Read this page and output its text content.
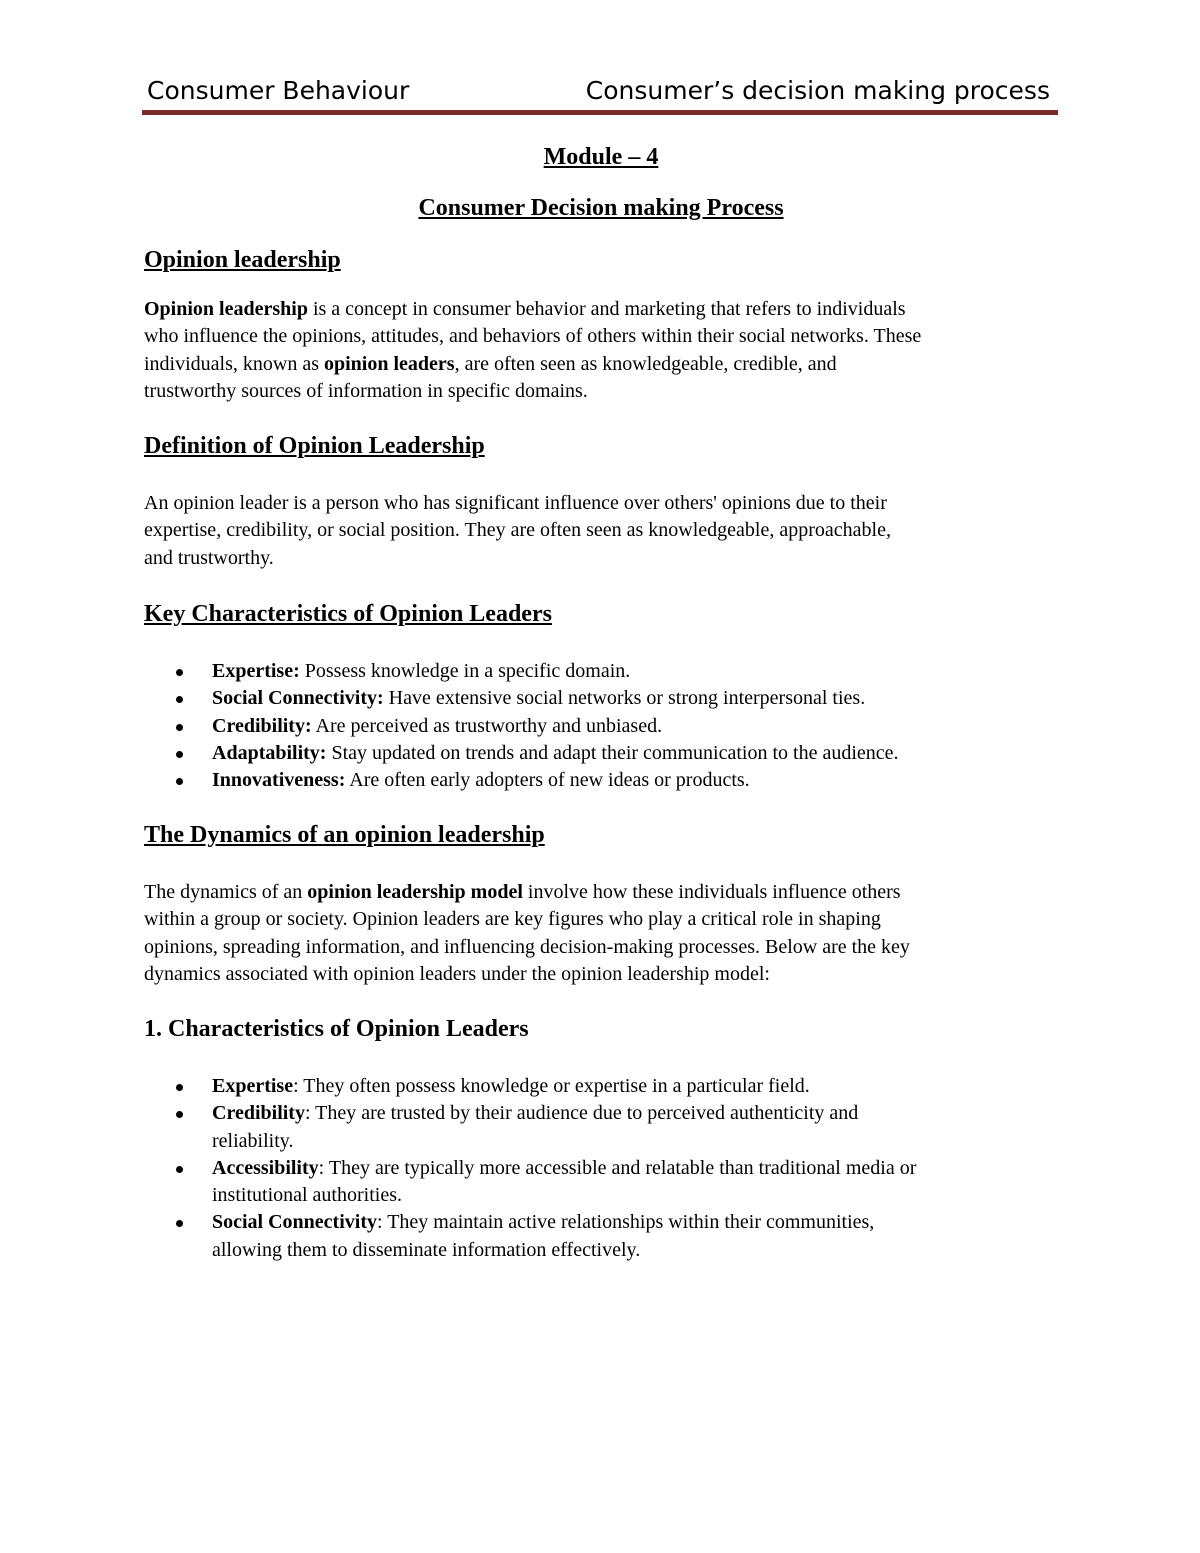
Consumer Behaviour	Consumer’s decision making process
Module – 4
Consumer Decision making Process
Opinion leadership
Opinion leadership is a concept in consumer behavior and marketing that refers to individuals
who influence the opinions, attitudes, and behaviors of others within their social networks. These
individuals, known as opinion leaders, are often seen as knowledgeable, credible, and
trustworthy sources of information in specific domains.
Definition of Opinion Leadership
An opinion leader is a person who has significant influence over others' opinions due to their
expertise, credibility, or social position. They are often seen as knowledgeable, approachable,
and trustworthy.
Key Characteristics of Opinion Leaders
Expertise: Possess knowledge in a specific domain.
Social Connectivity: Have extensive social networks or strong interpersonal ties.
Credibility: Are perceived as trustworthy and unbiased.
Adaptability: Stay updated on trends and adapt their communication to the audience.
Innovativeness: Are often early adopters of new ideas or products.
The Dynamics of an opinion leadership
The dynamics of an opinion leadership model involve how these individuals influence others
within a group or society. Opinion leaders are key figures who play a critical role in shaping
opinions, spreading information, and influencing decision-making processes. Below are the key
dynamics associated with opinion leaders under the opinion leadership model:
1. Characteristics of Opinion Leaders
Expertise: They often possess knowledge or expertise in a particular field.
Credibility: They are trusted by their audience due to perceived authenticity and
reliability.
Accessibility: They are typically more accessible and relatable than traditional media or
institutional authorities.
Social Connectivity: They maintain active relationships within their communities,
allowing them to disseminate information effectively.
